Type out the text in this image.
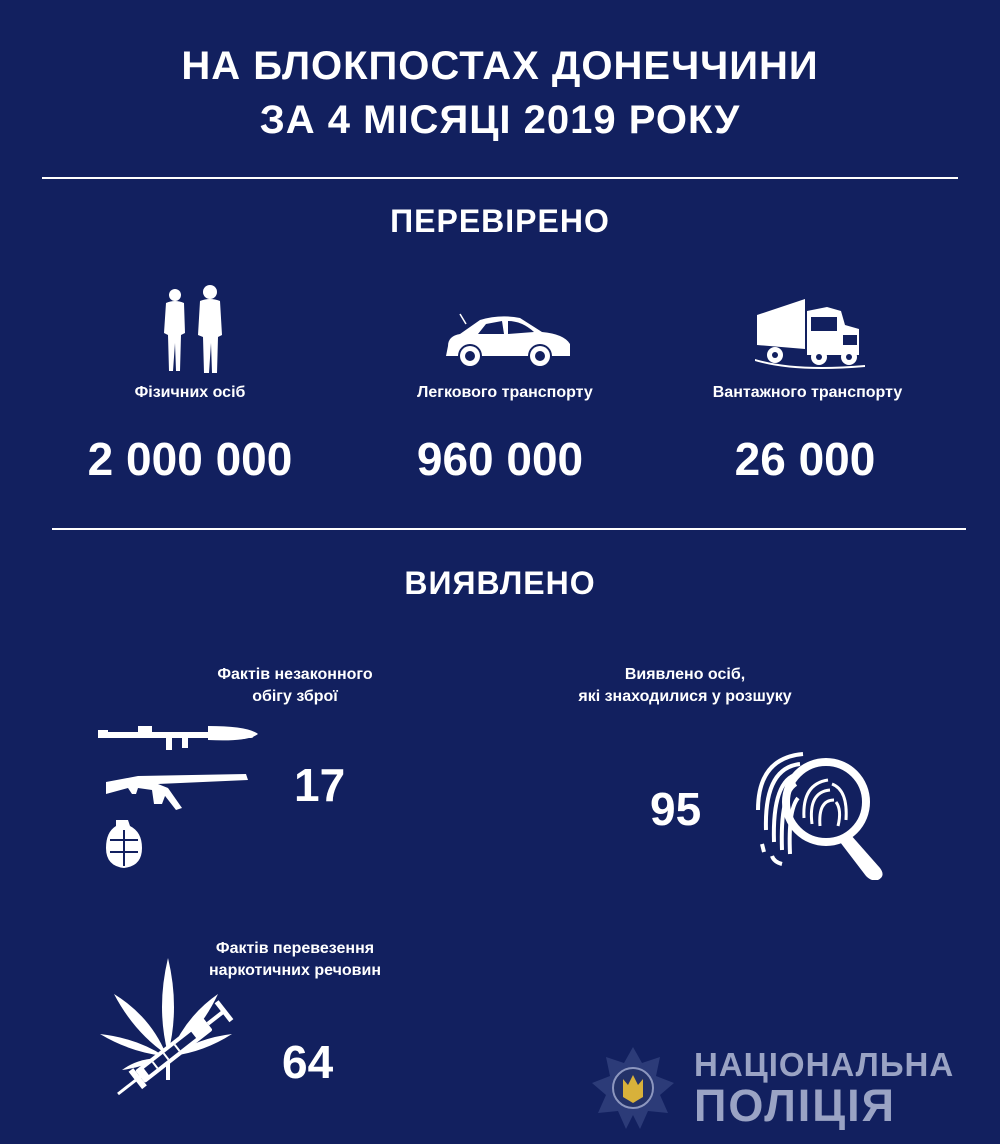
НА БЛОКПОСТАХ ДОНЕЧЧИНИ
ЗА 4 МІСЯЦІ 2019 РОКУ
ПЕРЕВІРЕНО
Фізичних осіб
2 000 000
Легкового транспорту
960 000
Вантажного транспорту
26 000
ВИЯВЛЕНО
Фактів незаконного
обігу зброї
17
Виявлено осіб,
які знаходилися у розшуку
95
Фактів перевезення
наркотичних речовин
64	НАЦІОНАЛЬНА
ПОЛІЦІЯ
